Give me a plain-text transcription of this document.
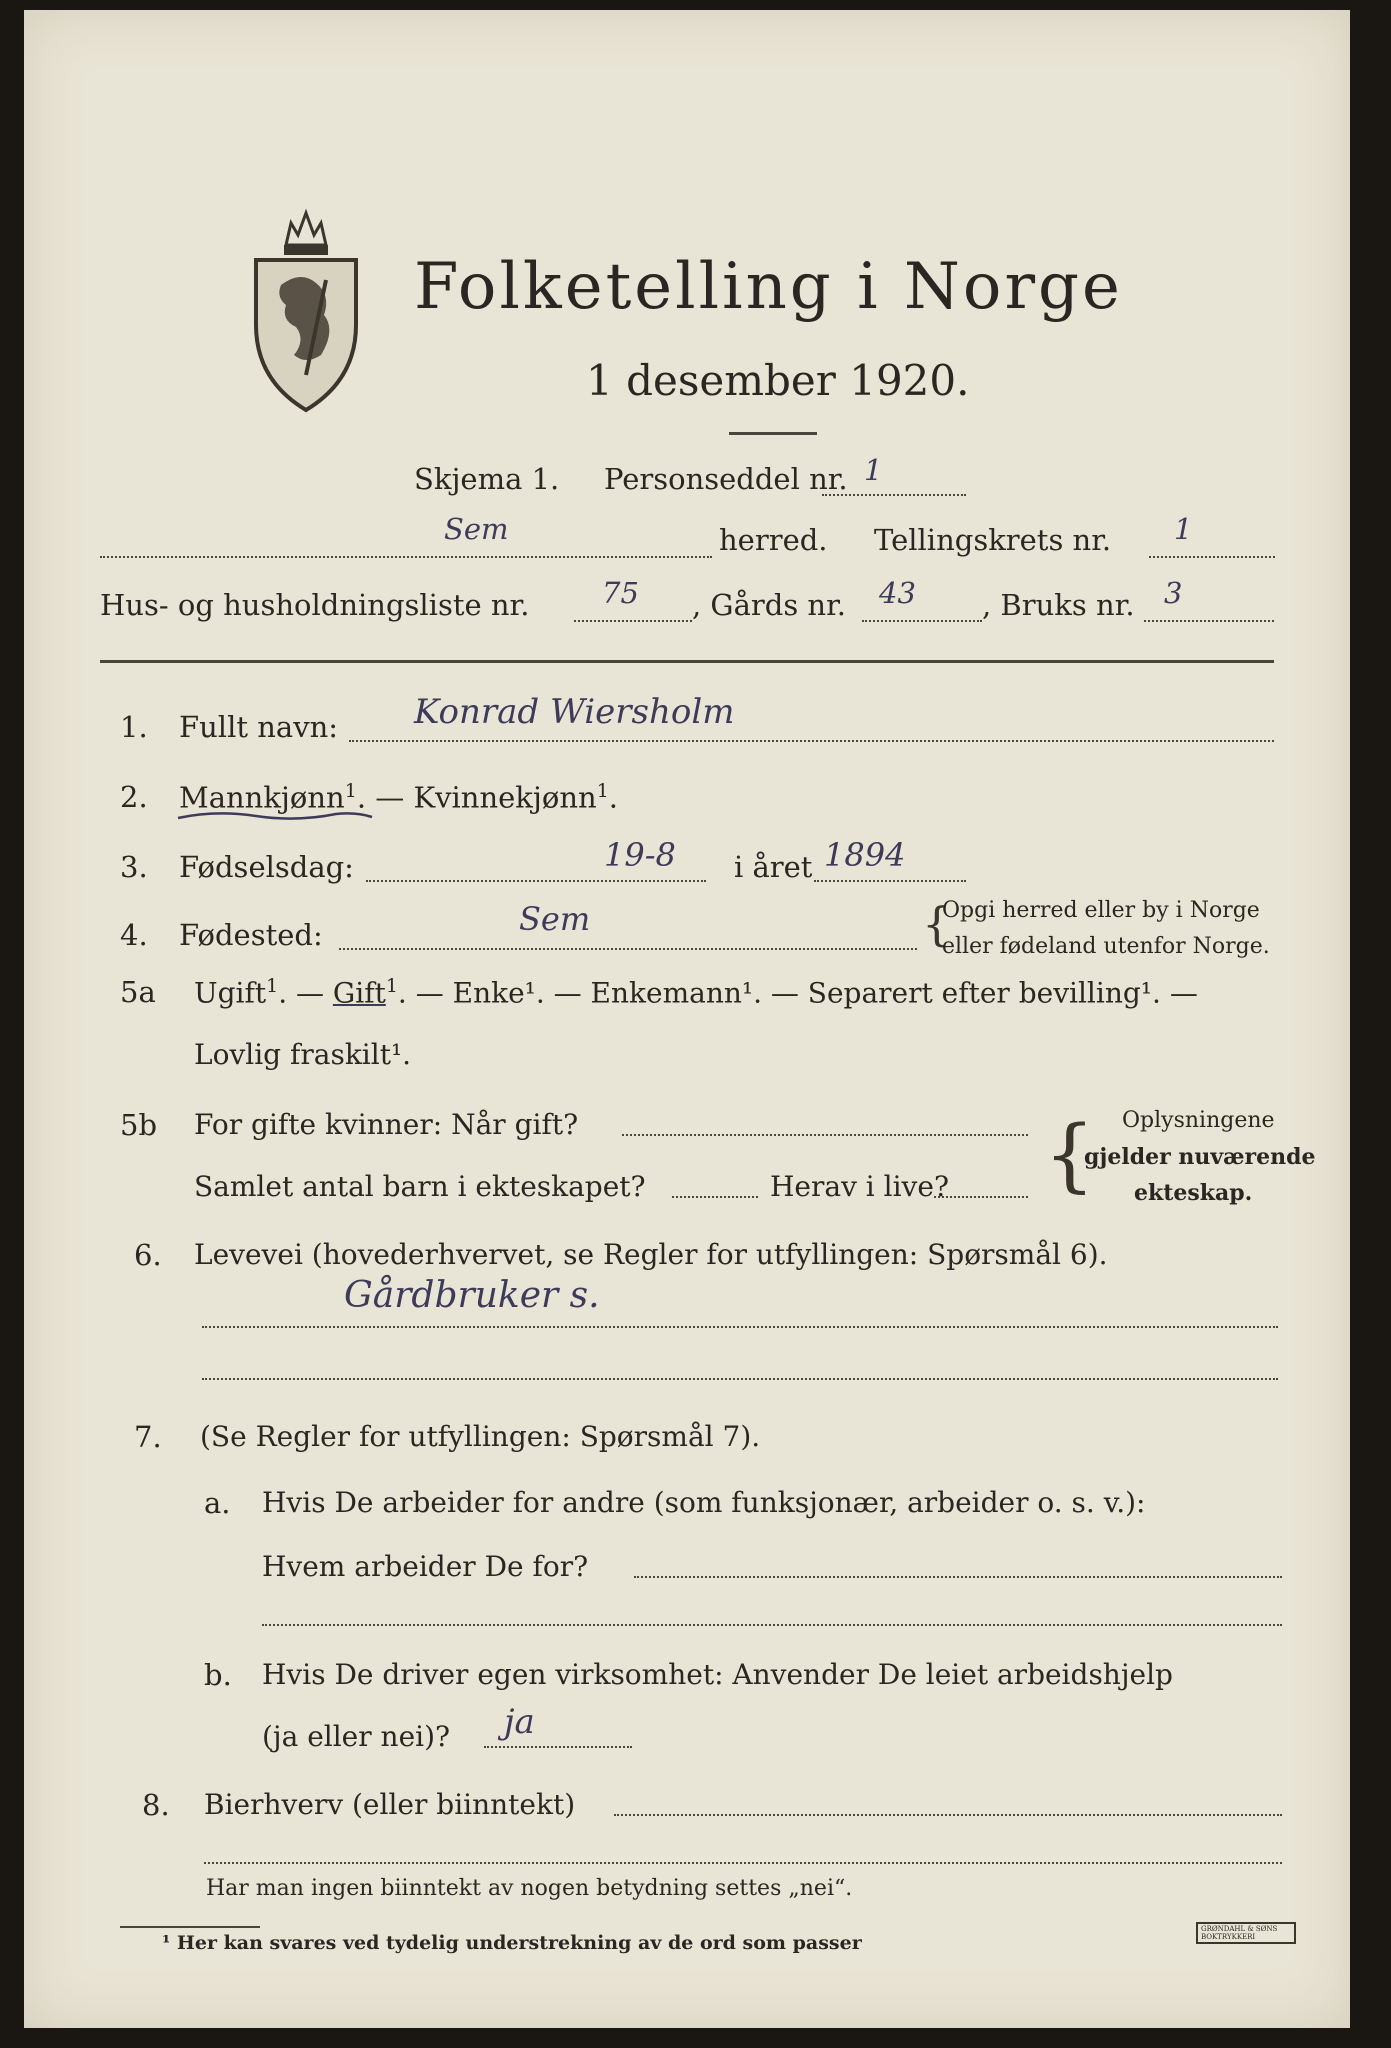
Folketelling i Norge
1 desember 1920.
Skjema 1. Personseddel nr. 1
Sem	herred. Tellingskrets nr. 1
Hus- og husholdningsliste nr.	75 , Gårds nr. 43 , Bruks nr. 3
1. Fullt navn: Konrad Wiersholm
2. Mannkjønn$^1$. — Kvinnekjønn$^1$.
3. Fødselsdag:	19-8 i året 1894
4. Fødested:	Sem	{
Opgi herred eller by i Norge
eller fødeland utenfor Norge.
5a Ugift$^1$. — Gift$^1$. — Enke¹. — Enkemann¹. — Separert efter bevilling¹. —
Lovlig fraskilt¹.
5b For gifte kvinner: Når gift?
Samlet antal barn i ekteskapet?	Herav i live? { Oplysningene
gjelder nuværende
ekteskap.
6. Levevei (hovederhvervet, se Regler for utfyllingen: Spørsmål 6).
Gårdbruker s.
7. (Se Regler for utfyllingen: Spørsmål 7).
a. Hvis De arbeider for andre (som funksjonær, arbeider o. s. v.):
Hvem arbeider De for?
b. Hvis De driver egen virksomhet: Anvender De leiet arbeidshjelp
(ja eller nei)? ja
8. Bierhverv (eller biinntekt)
Har man ingen biinntekt av nogen betydning settes „nei“.
¹ Her kan svares ved tydelig understrekning av de ord som passer
GRØNDAHL & SØNS BOKTRYKKERI
